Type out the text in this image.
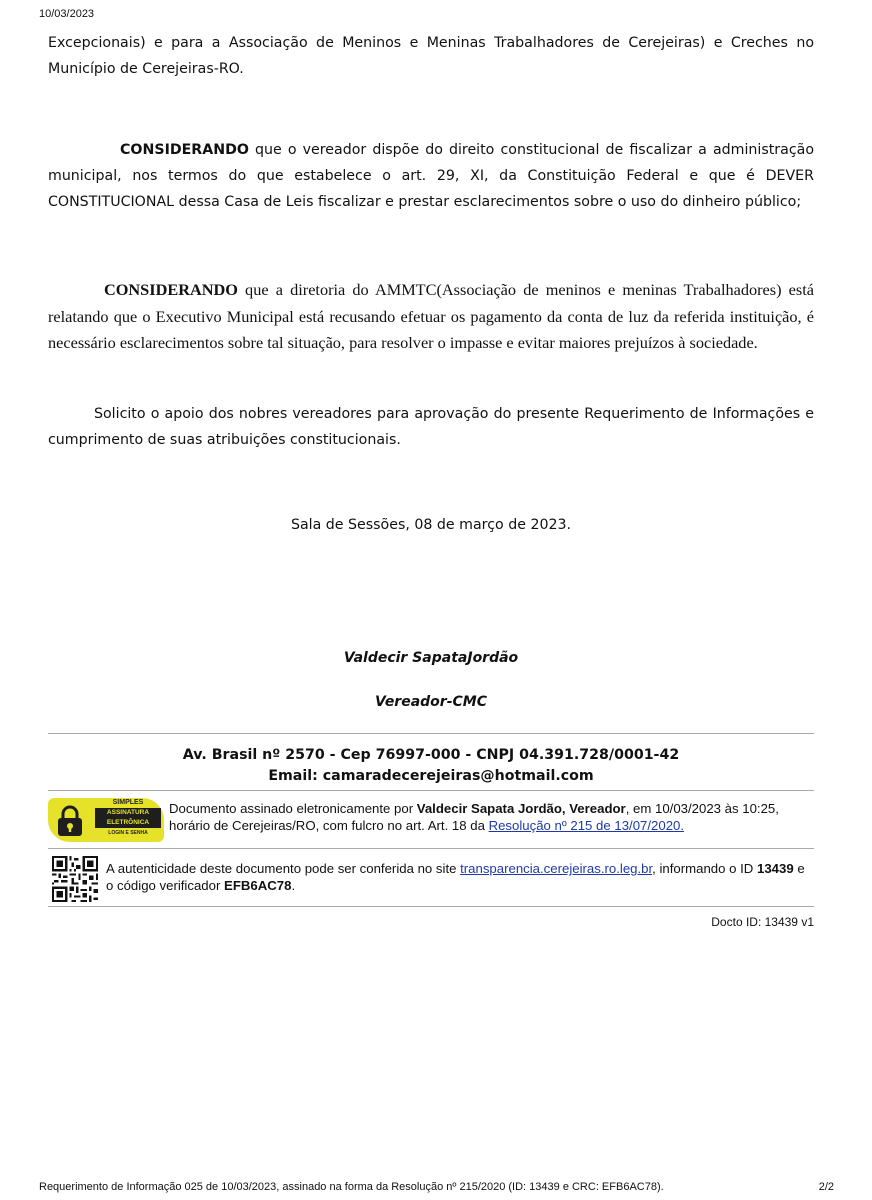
10/03/2023
Excepcionais) e para a Associação de Meninos e Meninas Trabalhadores de Cerejeiras) e Creches no Município de Cerejeiras-RO.
CONSIDERANDO que o vereador dispõe do direito constitucional de fiscalizar a administração municipal, nos termos do que estabelece o art. 29, XI, da Constituição Federal e que é DEVER CONSTITUCIONAL dessa Casa de Leis fiscalizar e prestar esclarecimentos sobre o uso do dinheiro público;
CONSIDERANDO que a diretoria do AMMTC(Associação de meninos e meninas Trabalhadores) está relatando que o Executivo Municipal está recusando efetuar os pagamento da conta de luz da referida instituição, é necessário esclarecimentos sobre tal situação, para resolver o impasse e evitar maiores prejuízos à sociedade.
Solicito o apoio dos nobres vereadores para aprovação do presente Requerimento de Informações e cumprimento de suas atribuições constitucionais.
Sala de Sessões, 08 de março de 2023.
Valdecir SapataJordão
Vereador-CMC
Av. Brasil nº 2570 - Cep 76997-000 - CNPJ 04.391.728/0001-42
Email: camaradecerejeiras@hotmail.com
SIMPLES
ASSINATURA ELETRÔNICA
LOGIN E SENHA
Documento assinado eletronicamente por Valdecir Sapata Jordão, Vereador, em 10/03/2023 às 10:25, horário de Cerejeiras/RO, com fulcro no art. Art. 18 da Resolução nº 215 de 13/07/2020.
A autenticidade deste documento pode ser conferida no site transparencia.cerejeiras.ro.leg.br, informando o ID 13439 e o código verificador EFB6AC78.
Docto ID: 13439 v1
Requerimento de Informação 025 de 10/03/2023, assinado na forma da Resolução nº 215/2020 (ID: 13439 e CRC: EFB6AC78).	2/2
